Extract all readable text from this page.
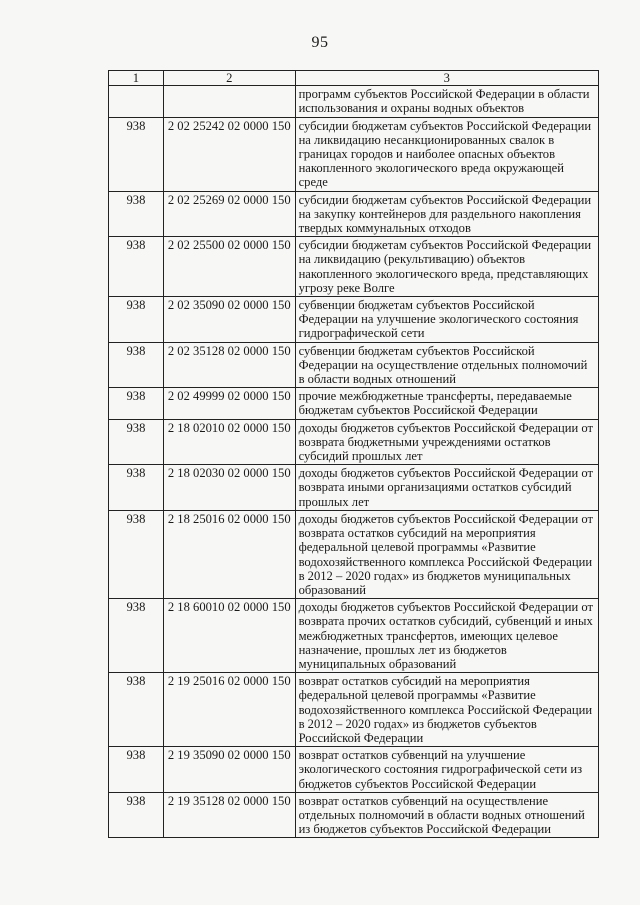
95
1	2	3
		программ субъектов Российской Федерации в области использования и охраны водных объектов
938	2 02 25242 02 0000 150	субсидии бюджетам субъектов Российской Федерации на ликвидацию несанкционированных свалок в границах городов и наиболее опасных объектов накопленного экологического вреда окружающей среде
938	2 02 25269 02 0000 150	субсидии бюджетам субъектов Российской Федерации на закупку контейнеров для раздельного накопления твердых коммунальных отходов
938	2 02 25500 02 0000 150	субсидии бюджетам субъектов Российской Федерации на ликвидацию (рекультивацию) объектов накопленного экологического вреда, представляющих угрозу реке Волге
938	2 02 35090 02 0000 150	субвенции бюджетам субъектов Российской Федерации на улучшение экологического состояния гидрографической сети
938	2 02 35128 02 0000 150	субвенции бюджетам субъектов Российской Федерации на осуществление отдельных полномочий в области водных отношений
938	2 02 49999 02 0000 150	прочие межбюджетные трансферты, передаваемые бюджетам субъектов Российской Федерации
938	2 18 02010 02 0000 150	доходы бюджетов субъектов Российской Федерации от возврата бюджетными учреждениями остатков субсидий прошлых лет
938	2 18 02030 02 0000 150	доходы бюджетов субъектов Российской Федерации от возврата иными организациями остатков субсидий прошлых лет
938	2 18 25016 02 0000 150	доходы бюджетов субъектов Российской Федерации от возврата остатков субсидий на мероприятия федеральной целевой программы «Развитие водохозяйственного комплекса Российской Федерации в 2012 – 2020 годах» из бюджетов муниципальных образований
938	2 18 60010 02 0000 150	доходы бюджетов субъектов Российской Федерации от возврата прочих остатков субсидий, субвенций и иных межбюджетных трансфертов, имеющих целевое назначение, прошлых лет из бюджетов муниципальных образований
938	2 19 25016 02 0000 150	возврат остатков субсидий на мероприятия федеральной целевой программы «Развитие водохозяйственного комплекса Российской Федерации в 2012 – 2020 годах» из бюджетов субъектов Российской Федерации
938	2 19 35090 02 0000 150	возврат остатков субвенций на улучшение экологического состояния гидрографической сети из бюджетов субъектов Российской Федерации
938	2 19 35128 02 0000 150	возврат остатков субвенций на осуществление отдельных полномочий в области водных отношений из бюджетов субъектов Российской Федерации
